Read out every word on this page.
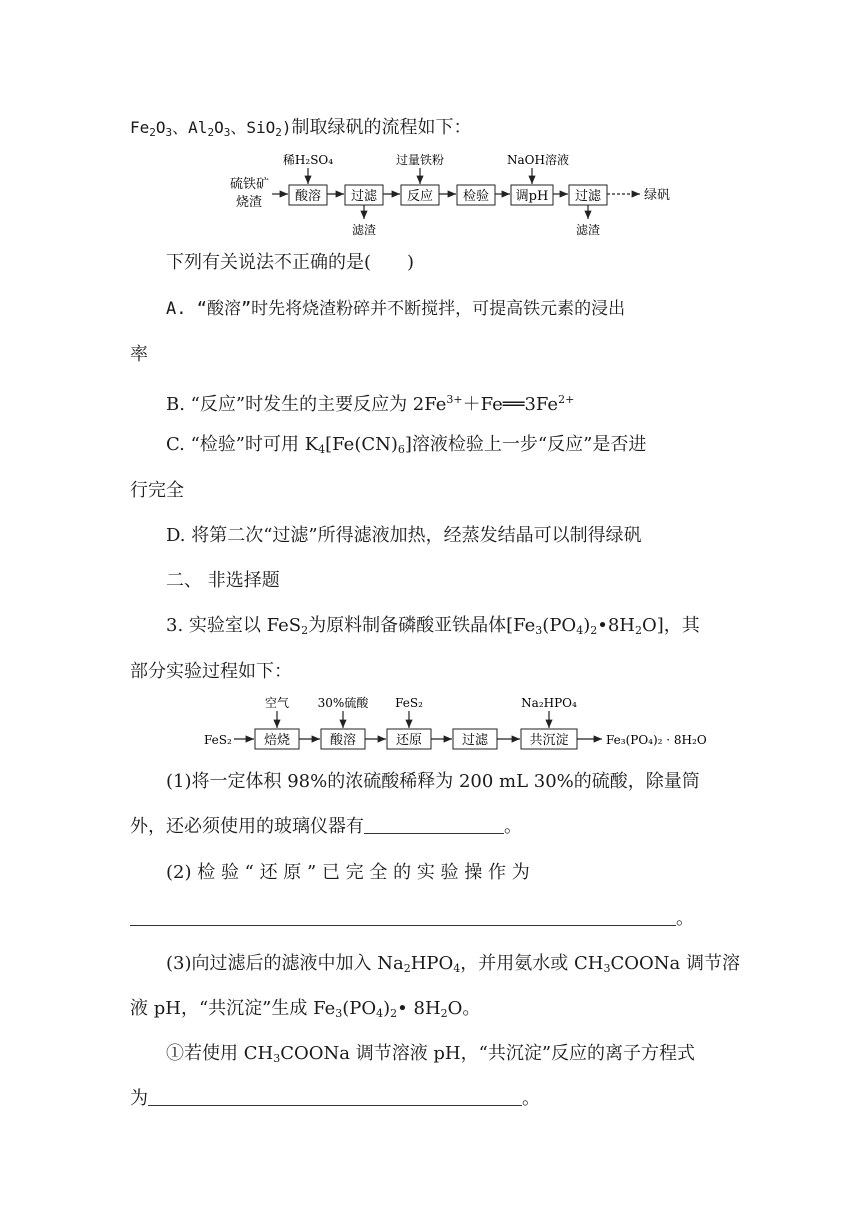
$Fe_2O_3$、$Al_2O_3$、SiO$_2$)制取绿矾的流程如下：
硫铁矿
烧渣	酸溶 过滤 反应 检验 调pH 过滤	绿矾
稀H₂SO₄	过量铁粉	NaOH溶液
滤渣	滤渣
下列有关说法不正确的是(　　)
A. “酸溶”时先将烧渣粉碎并不断搅拌，可提高铁元素的浸出
率
B. “反应”时发生的主要反应为 $2Fe^{3+}+Fe══3Fe^{2+}$
C. “检验”时可用 $K_4[Fe(CN)_6]$溶液检验上一步“反应”是否进
行完全
D. 将第二次“过滤”所得滤液加热，经蒸发结晶可以制得绿矾
二、 非选择题
3. 实验室以 FeS$_2$为原料制备磷酸亚铁晶体$[Fe_3(PO_4)_2•8H_2O]$，其
部分实验过程如下：
FeS₂ 焙烧	酸溶	还原	过滤	共沉淀	Fe₃(PO₄)₂ · 8H₂O
空气 30%硫酸 FeS₂	Na₂HPO₄
(1)将一定体积 98%的浓硫酸稀释为 200 mL 30%的硫酸，除量筒
外，还必须使用的玻璃仪器有	。
(2) 检 验 “ 还 原 ” 已 完 全 的 实 验 操 作 为
。
(3)向过滤后的滤液中加入 $Na_2HPO_4$，并用氨水或 $CH_3COONa$ 调节溶
液 pH，“共沉淀”生成 $Fe_3(PO_4)_2•$ $8H_2O$。
①若使用 $CH_3COONa$ 调节溶液 pH，“共沉淀”反应的离子方程式
为	。
